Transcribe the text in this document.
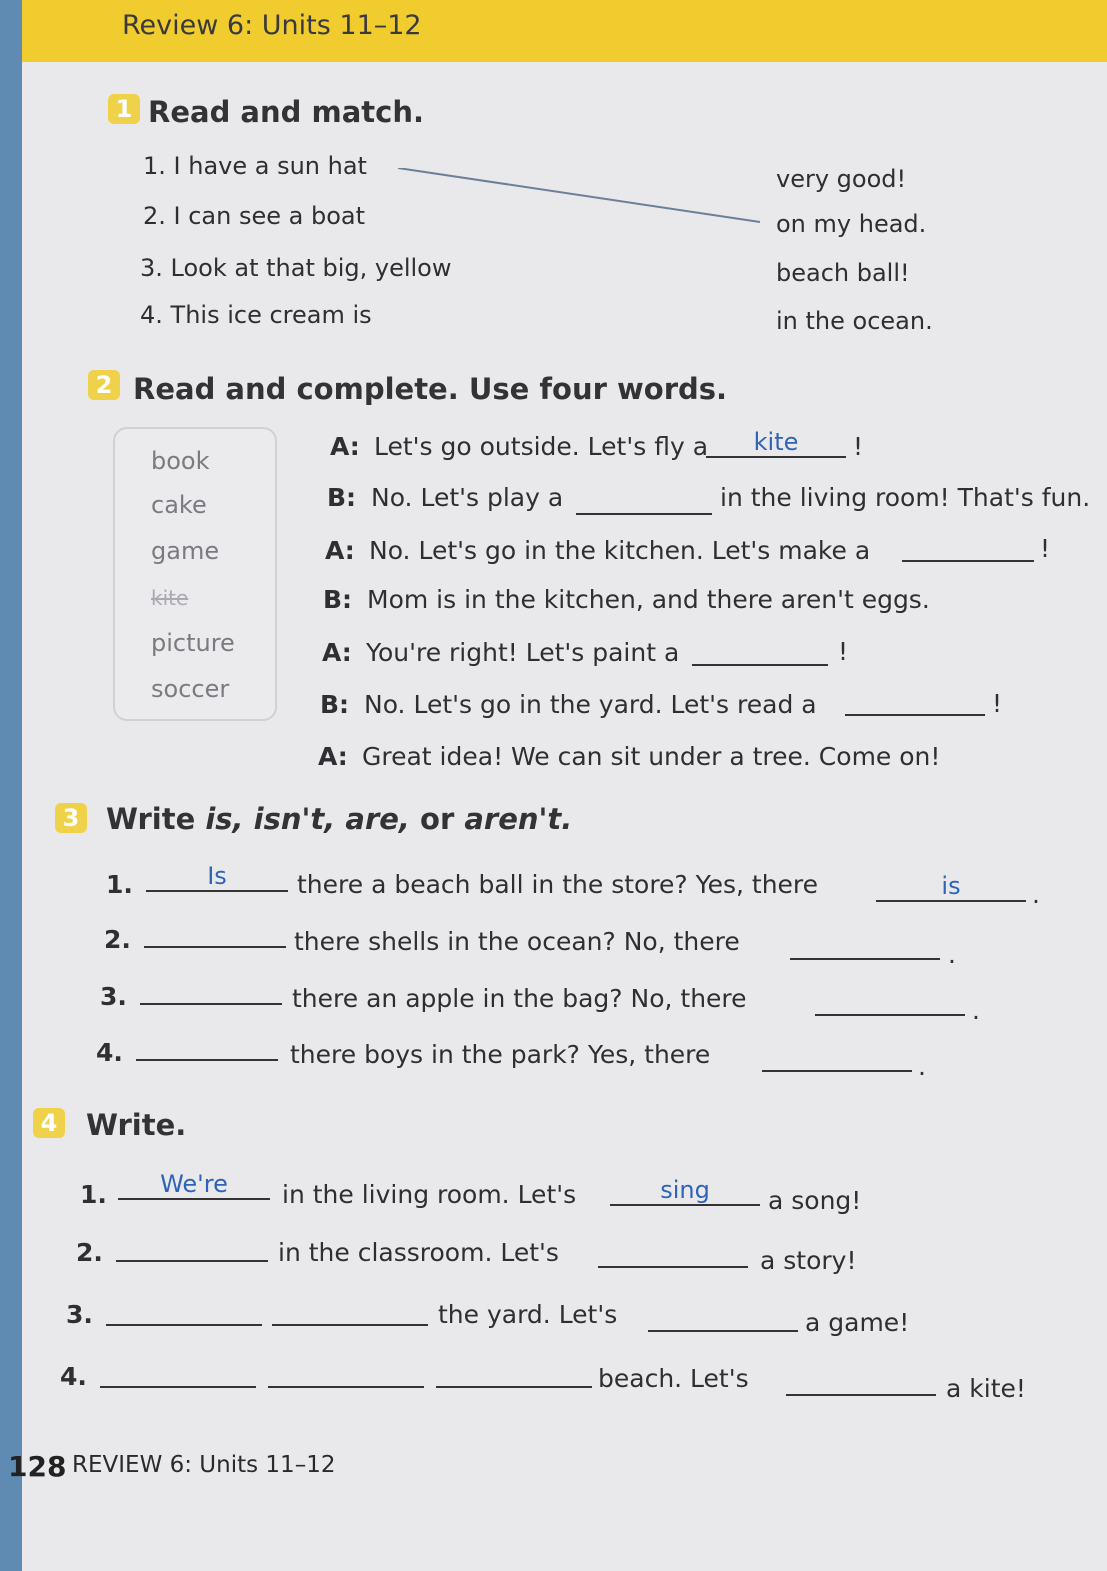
Review 6: Units 11–12
1 Read and match.
1. I have a sun hat
2. I can see a boat
3. Look at that big, yellow
4. This ice cream is
very good!
on my head.
beach ball!
in the ocean.
2 Read and complete. Use four words.
book
cake
game
kite
picture
soccer
A: Let's go outside. Let's fly a	kite	!
B: No. Let's play a	in the living room! That's fun.
A: No. Let's go in the kitchen. Let's make a	!
B: Mom is in the kitchen, and there aren't eggs.
A: You're right! Let's paint a	!
B: No. Let's go in the yard. Let's read a	!
A: Great idea! We can sit under a tree. Come on!
3 Write is, isn't, are, or aren't.
1.	Is	there a beach ball in the store? Yes, there	is	.
2.	there shells in the ocean? No, there	.
3.	there an apple in the bag? No, there	.
4.	there boys in the park? Yes, there	.
4 Write.
1.	We're	in the living room. Let's	sing	a song!
2.	in the classroom. Let's	a story!
3.	the yard. Let's	a game!
4.	beach. Let's	a kite!
128 REVIEW 6: Units 11–12
